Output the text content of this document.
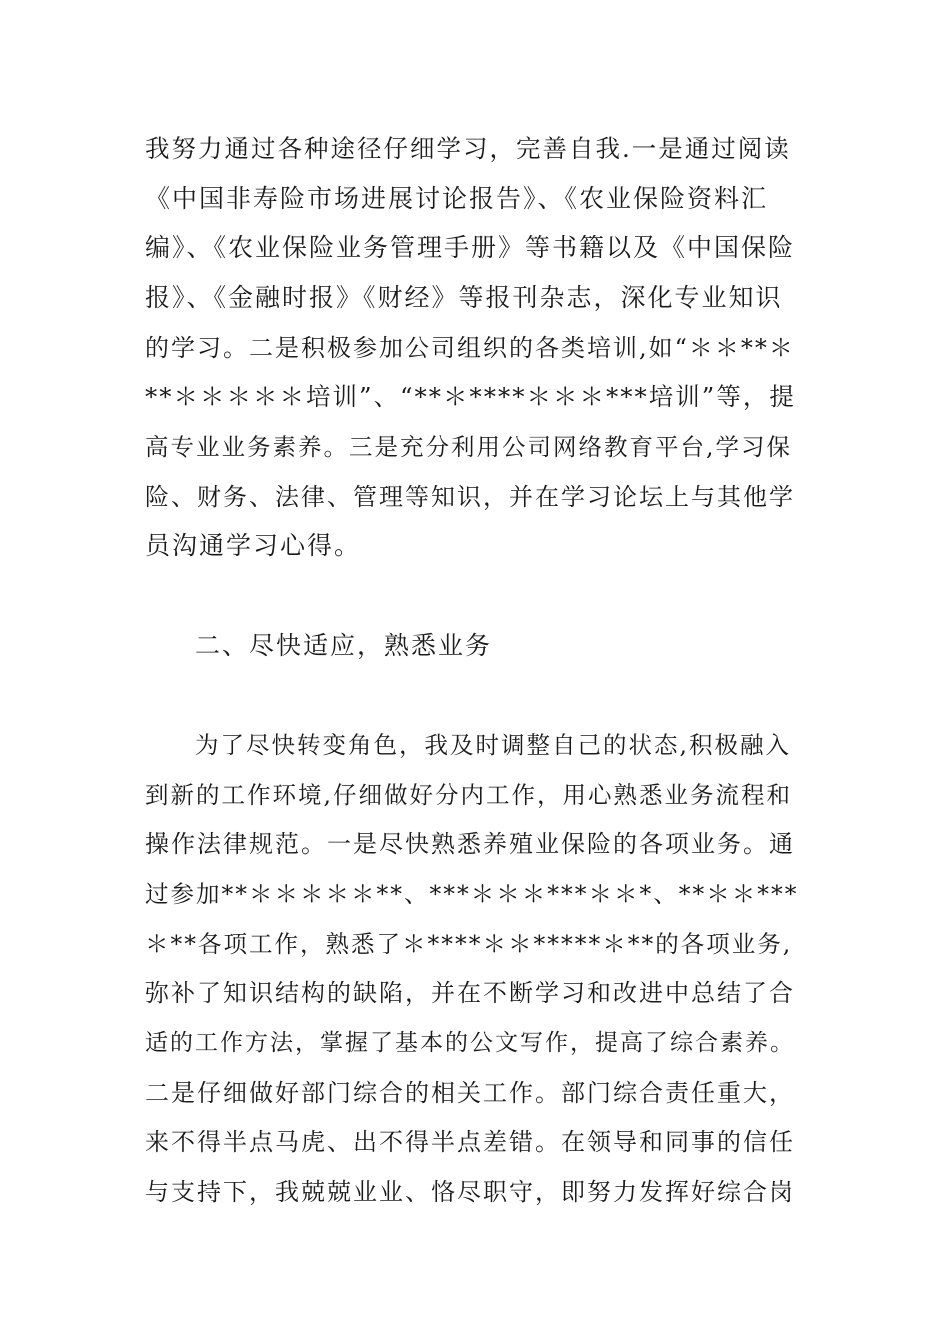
我努力通过各种途径仔细学习，完善自我.一是通过阅读
《中国非寿险市场进展讨论报告》、《农业保险资料汇
编》、《农业保险业务管理手册》等书籍以及《中国保险
报》、《金融时报》《财经》等报刊杂志，深化专业知识
的学习。二是积极参加公司组织的各类培训,如“＊＊**＊
**＊＊＊＊＊培训”、“**＊****＊＊＊***培训”等，提
高专业业务素养。三是充分利用公司网络教育平台,学习保
险、财务、法律、管理等知识，并在学习论坛上与其他学
员沟通学习心得。
二、尽快适应，熟悉业务
为了尽快转变角色，我及时调整自己的状态,积极融入
到新的工作环境,仔细做好分内工作，用心熟悉业务流程和
操作法律规范。一是尽快熟悉养殖业保险的各项业务。通
过参加**＊＊＊＊＊**、***＊＊＊***＊＊*、**＊＊***
＊**各项工作，熟悉了＊****＊＊*****＊**的各项业务,
弥补了知识结构的缺陷，并在不断学习和改进中总结了合
适的工作方法，掌握了基本的公文写作，提高了综合素养。
二是仔细做好部门综合的相关工作。部门综合责任重大，
来不得半点马虎、出不得半点差错。在领导和同事的信任
与支持下，我兢兢业业、恪尽职守，即努力发挥好综合岗
